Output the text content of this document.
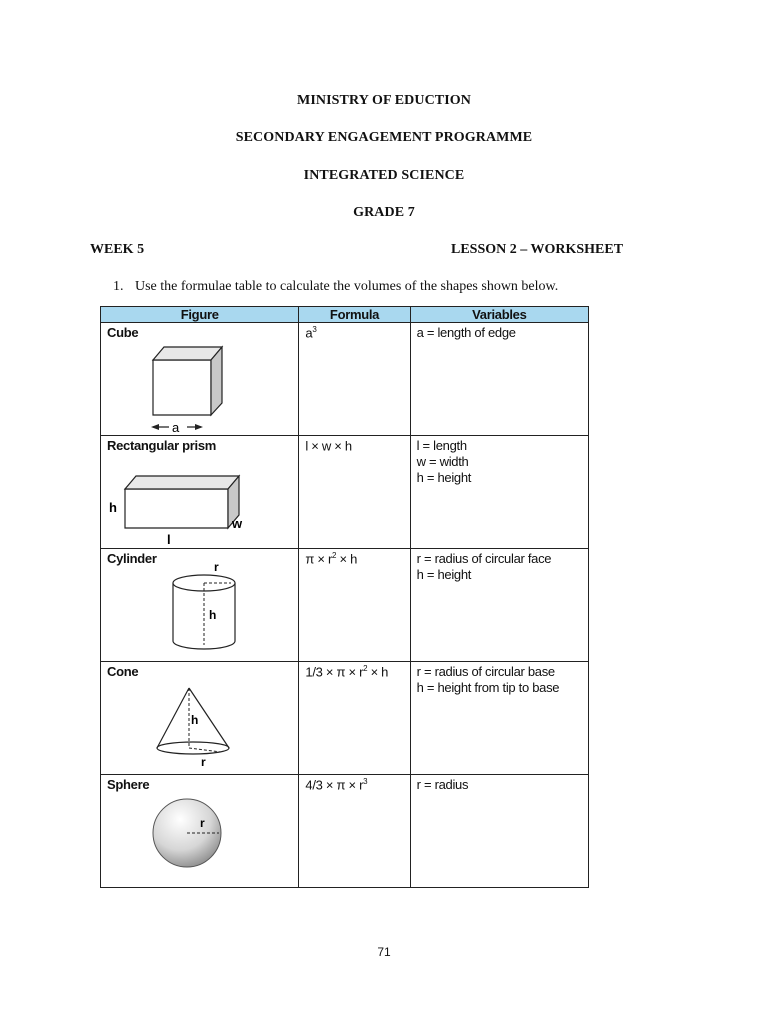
MINISTRY OF EDUCTION
SECONDARY ENGAGEMENT PROGRAMME
INTEGRATED SCIENCE
GRADE 7
WEEK 5	LESSON 2 – WORKSHEET
1. Use the formulae table to calculate the volumes of the shapes shown below.
Figure	Formula	Variables

a
Cube	$a^3$	a = length of edge

h
w
l
Rectangular prism	l × w × h	l = length
w = width
h = height

r
h
Cylinder	$\pi \times r^2 \times h$	r = radius of circular face
h = height

h
r
Cone	$1/3 \times \pi \times r^2 \times h$	r = radius of circular base
h = height from tip to base

r
Sphere	$4/3 \times \pi \times r^3$	r = radius
71
